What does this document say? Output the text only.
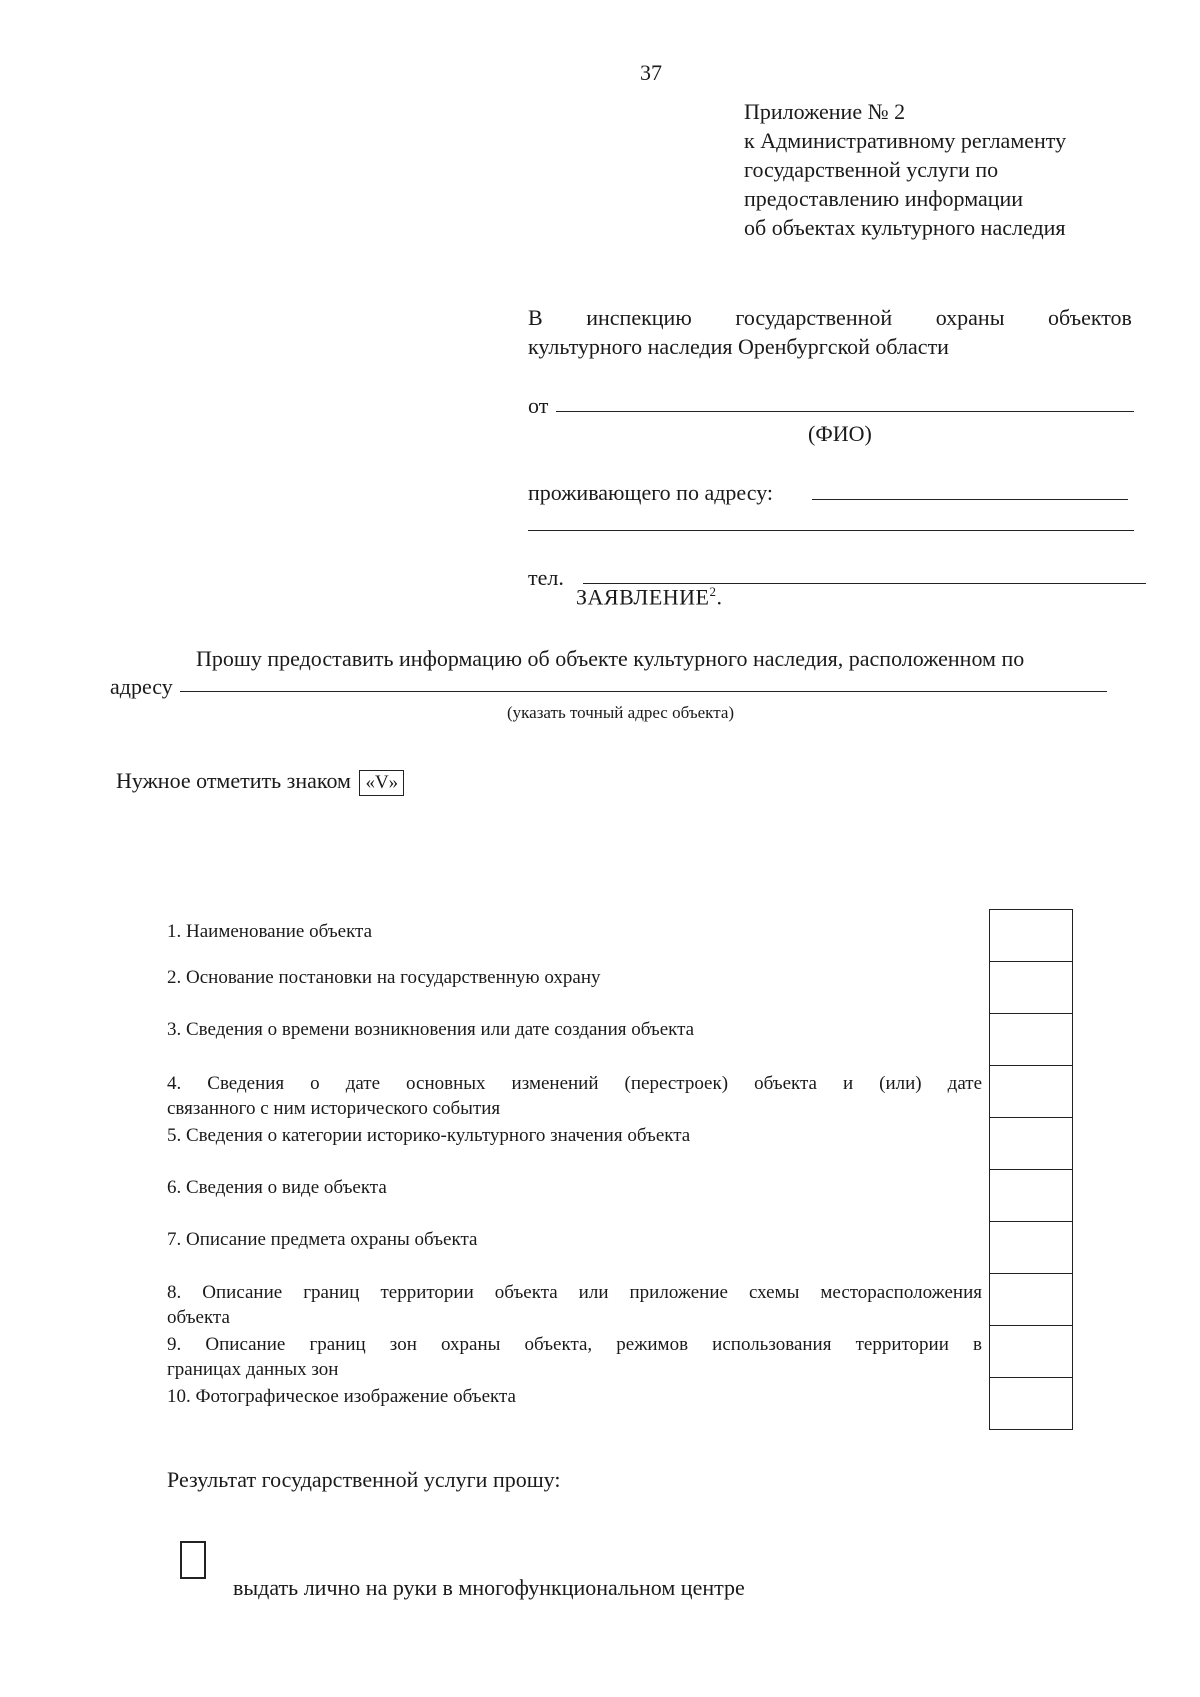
37
Приложение № 2
к Административному регламенту
государственной услуги по
предоставлению информации
об объектах культурного наследия
В инспекцию государственной охраны объектов
культурного наследия Оренбургской области
от
(ФИО)
проживающего по адресу:
тел.
ЗАЯВЛЕНИЕ$^2$.
Прошу предоставить информацию об объекте культурного наследия, расположенном по
адресу
(указать точный адрес объекта)
Нужное отметить знаком «V»
1. Наименование объекта
2. Основание постановки на государственную охрану
3. Сведения о времени возникновения или дате создания объекта
4. Сведения о дате основных изменений (перестроек) объекта и (или) дате
связанного с ним исторического события
5. Сведения о категории историко-культурного значения объекта
6. Сведения о виде объекта
7. Описание предмета охраны объекта
8. Описание границ территории объекта или приложение схемы месторасположения
объекта
9. Описание границ зон охраны объекта, режимов использования территории в
границах данных зон
10. Фотографическое изображение объекта
Результат государственной услуги прошу:
выдать лично на руки в многофункциональном центре
